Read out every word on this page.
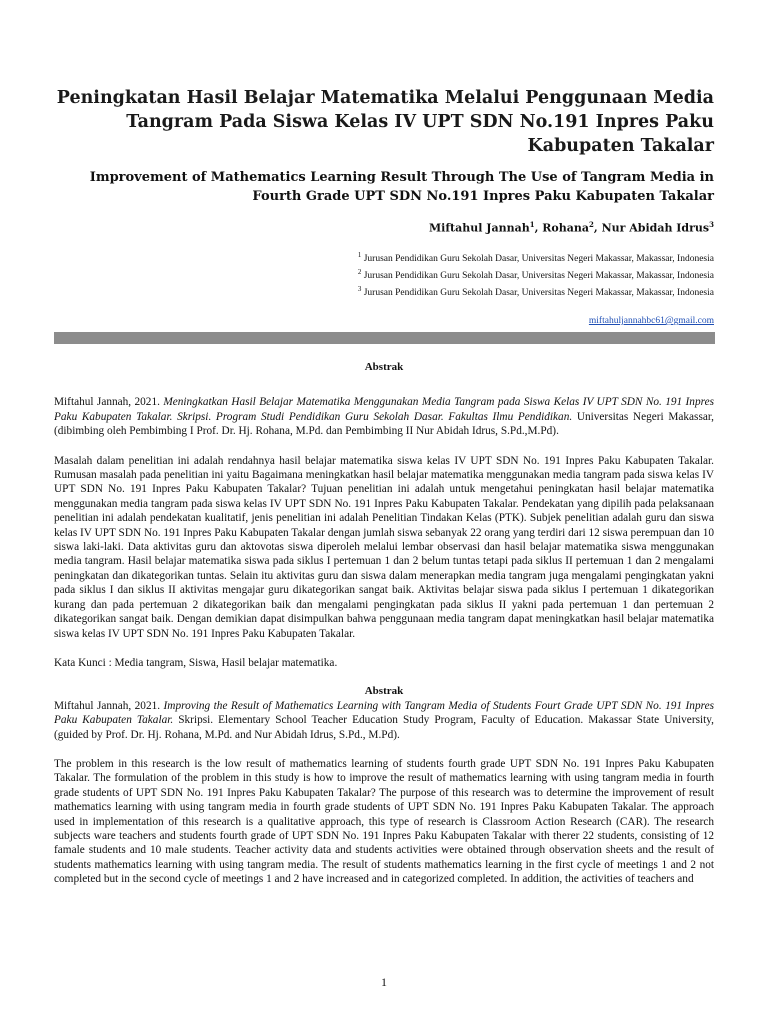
Peningkatan Hasil Belajar Matematika Melalui Penggunaan Media Tangram Pada Siswa Kelas IV UPT SDN No.191 Inpres Paku Kabupaten Takalar

Improvement of Mathematics Learning Result Through The Use of Tangram Media in Fourth Grade UPT SDN No.191 Inpres Paku Kabupaten Takalar

Miftahul Jannah$^1$, Rohana$^2$, Nur Abidah Idrus$^3$
$^1$ Jurusan Pendidikan Guru Sekolah Dasar, Universitas Negeri Makassar, Makassar, Indonesia
$^2$ Jurusan Pendidikan Guru Sekolah Dasar, Universitas Negeri Makassar, Makassar, Indonesia
$^3$ Jurusan Pendidikan Guru Sekolah Dasar, Universitas Negeri Makassar, Makassar, Indonesia
miftahuljannahbc61@gmail.com

Abstrak

Miftahul Jannah, 2021. Meningkatkan Hasil Belajar Matematika Menggunakan Media Tangram pada Siswa Kelas IV UPT SDN No. 191 Inpres Paku Kabupaten Takalar. Skripsi. Program Studi Pendidikan Guru Sekolah Dasar. Fakultas Ilmu Pendidikan. Universitas Negeri Makassar, (dibimbing oleh Pembimbing I Prof. Dr. Hj. Rohana, M.Pd. dan Pembimbing II Nur Abidah Idrus, S.Pd.,M.Pd).

Masalah dalam penelitian ini adalah rendahnya hasil belajar matematika siswa kelas IV UPT SDN No. 191 Inpres Paku Kabupaten Takalar. Rumusan masalah pada penelitian ini yaitu Bagaimana meningkatkan hasil belajar matematika menggunakan media tangram pada siswa kelas IV UPT SDN No. 191 Inpres Paku Kabupaten Takalar? Tujuan penelitian ini adalah untuk mengetahui peningkatan hasil belajar matematika menggunakan media tangram pada siswa kelas IV UPT SDN No. 191 Inpres Paku Kabupaten Takalar. Pendekatan yang dipilih pada pelaksanaan penelitian ini adalah pendekatan kualitatif, jenis penelitian ini adalah Penelitian Tindakan Kelas (PTK). Subjek penelitian adalah guru dan siswa kelas IV UPT SDN No. 191 Inpres Paku Kabupaten Takalar dengan jumlah siswa sebanyak 22 orang yang terdiri dari 12 siswa perempuan dan 10 siswa laki-laki. Data aktivitas guru dan aktovotas siswa diperoleh melalui lembar observasi dan hasil belajar matematika siswa menggunakan media tangram. Hasil belajar matematika siswa pada siklus I pertemuan 1 dan 2 belum tuntas tetapi pada siklus II pertemuan 1 dan 2 mengalami peningkatan dan dikategorikan tuntas. Selain itu aktivitas guru dan siswa dalam menerapkan media tangram juga mengalami pengingkatan yakni pada siklus I dan siklus II aktivitas mengajar guru dikategorikan sangat baik. Aktivitas belajar siswa pada siklus I pertemuan 1 dikategorikan kurang dan pada pertemuan 2 dikategorikan baik dan mengalami pengingkatan pada siklus II yakni pada pertemuan 1 dan pertemuan 2 dikategorikan sangat baik. Dengan demikian dapat disimpulkan bahwa penggunaan media tangram dapat meningkatkan hasil belajar matematika siswa kelas IV UPT SDN No. 191 Inpres Paku Kabupaten Takalar.

Kata Kunci : Media tangram, Siswa, Hasil belajar matematika.

Abstrak

Miftahul Jannah, 2021. Improving the Result of Mathematics Learning with Tangram Media of Students Fourt Grade UPT SDN No. 191 Inpres Paku Kabupaten Takalar. Skripsi. Elementary School Teacher Education Study Program, Faculty of Education. Makassar State University, (guided by Prof. Dr. Hj. Rohana, M.Pd. and Nur Abidah Idrus, S.Pd., M.Pd).

The problem in this research is the low result of mathematics learning of students fourth grade UPT SDN No. 191 Inpres Paku Kabupaten Takalar. The formulation of the problem in this study is how to improve the result of mathematics learning with using tangram media in fourth grade students of UPT SDN No. 191 Inpres Paku Kabupaten Takalar? The purpose of this research was to determine the improvement of result mathematics learning with using tangram media in fourth grade students of UPT SDN No. 191 Inpres Paku Kabupaten Takalar. The approach used in implementation of this research is a qualitative approach, this type of research is Classroom Action Research (CAR). The research subjects ware teachers and students fourth grade of UPT SDN No. 191 Inpres Paku Kabupaten Takalar with therer 22 students, consisting of 12 famale students and 10 male students. Teacher activity data and students activities were obtained through observation sheets and the result of students mathematics learning with using tangram media. The result of students mathematics learning in the first cycle of meetings 1 and 2 not completed but in the second cycle of meetings 1 and 2 have increased and in categorized completed. In addition, the activities of teachers and

1
